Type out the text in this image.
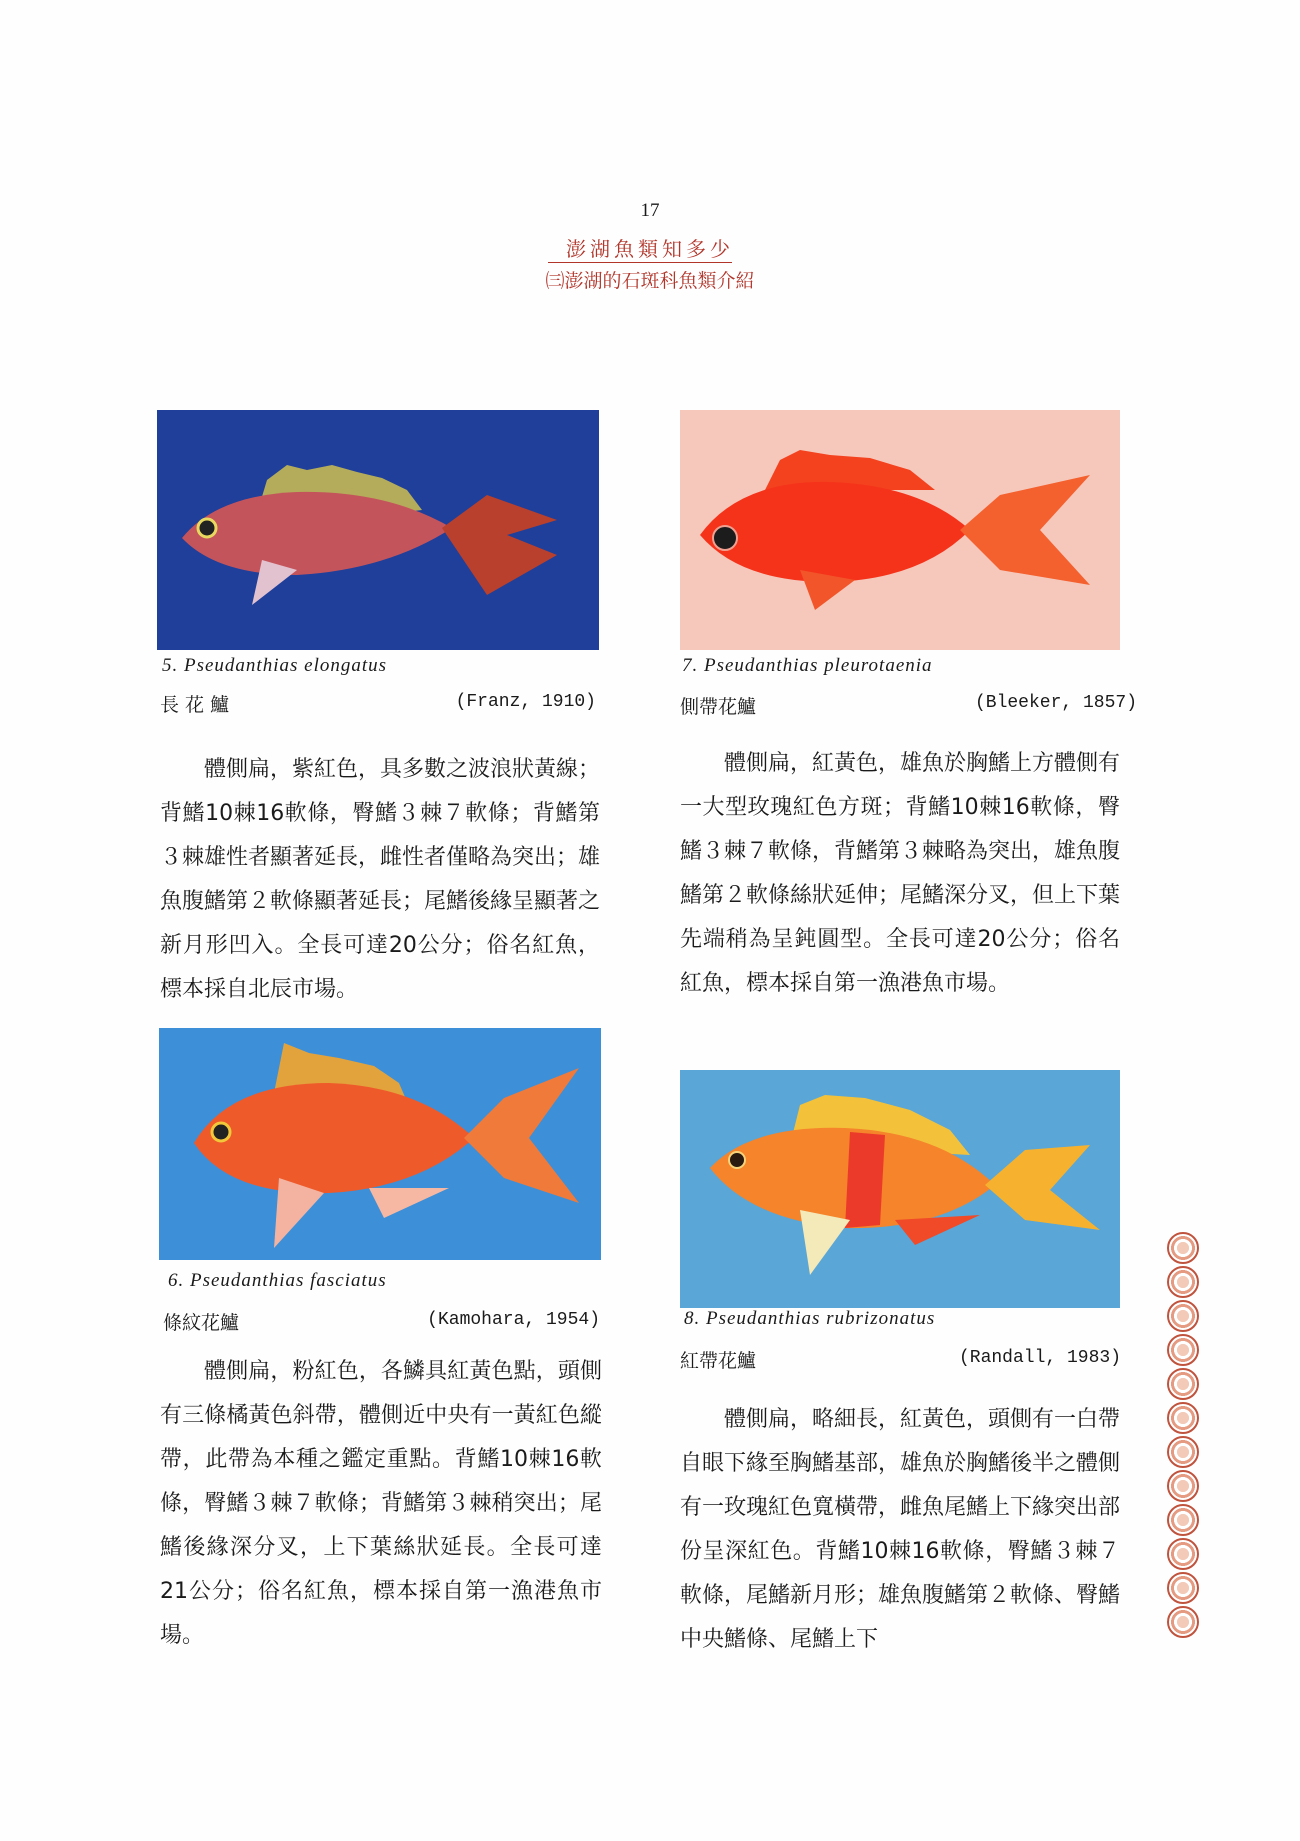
17
澎湖魚類知多少
㈢澎湖的石斑科魚類介紹
5. Pseudanthias elongatus
長 花 鱸	(Franz, 1910)

體側扁，紫紅色，具多數之波浪狀黃線；背鰭10棘16軟條，臀鰭３棘７軟條；背鰭第３棘雄性者顯著延長，雌性者僅略為突出；雄魚腹鰭第２軟條顯著延長；尾鰭後緣呈顯著之新月形凹入。全長可達20公分；俗名紅魚，標本採自北辰市場。

6. Pseudanthias fasciatus
條紋花鱸	(Kamohara, 1954)

體側扁，粉紅色，各鱗具紅黃色點，頭側有三條橘黃色斜帶，體側近中央有一黃紅色縱帶，此帶為本種之鑑定重點。背鰭10棘16軟條，臀鰭３棘７軟條；背鰭第３棘稍突出；尾鰭後緣深分叉，上下葉絲狀延長。全長可達21公分；俗名紅魚，標本採自第一漁港魚市場。

7. Pseudanthias pleurotaenia
側帶花鱸	(Bleeker, 1857)

體側扁，紅黃色，雄魚於胸鰭上方體側有一大型玫瑰紅色方斑；背鰭10棘16軟條，臀鰭３棘７軟條，背鰭第３棘略為突出，雄魚腹鰭第２軟條絲狀延伸；尾鰭深分叉，但上下葉先端稍為呈鈍圓型。全長可達20公分；俗名紅魚，標本採自第一漁港魚市場。

8. Pseudanthias rubrizonatus
紅帶花鱸	(Randall, 1983)

體側扁，略細長，紅黃色，頭側有一白帶自眼下緣至胸鰭基部，雄魚於胸鰭後半之體側有一玫瑰紅色寬橫帶，雌魚尾鰭上下緣突出部份呈深紅色。背鰭10棘16軟條，臀鰭３棘７軟條，尾鰭新月形；雄魚腹鰭第２軟條、臀鰭中央鰭條、尾鰭上下
